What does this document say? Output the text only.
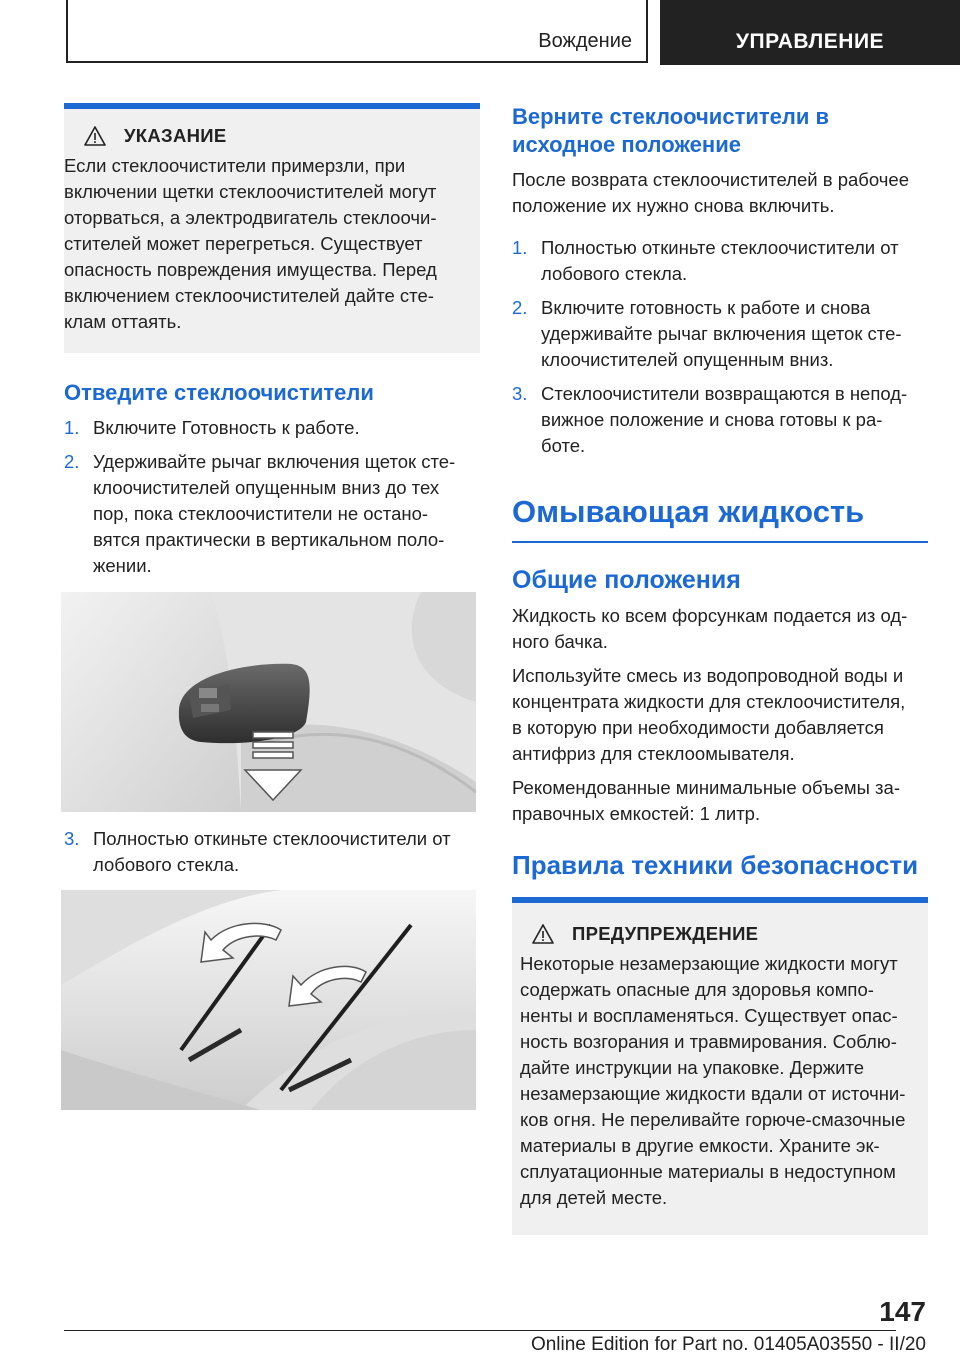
Вождение	УПРАВЛЕНИЕ
УКАЗАНИЕ

Если стеклоочистители примерзли, при
включении щетки стеклоочистителей могут
оторваться, а электродвигатель стеклоочи-
стителей может перегреться. Существует
опасность повреждения имущества. Перед
включением стеклоочистителей дайте сте-
клам оттаять.

Отведите стеклоочистители
1. Включите Готовность к работе.
2. Удерживайте рычаг включения щеток сте-
клоочистителей опущенным вниз до тех
пор, пока стеклоочистители не остано-
вятся практически в вертикальном поло-
жении.
3. Полностью откиньте стеклоочистители от
лобового стекла.
Верните стеклоочистители в
исходное положение

После возврата стеклоочистителей в рабочее
положение их нужно снова включить.

1. Полностью откиньте стеклоочистители от
лобового стекла.
2. Включите готовность к работе и снова
удерживайте рычаг включения щеток сте-
клоочистителей опущенным вниз.
3. Стеклоочистители возвращаются в непод-
вижное положение и снова готовы к ра-
боте.
Омывающая жидкость
Общие положения

Жидкость ко всем форсункам подается из од-
ного бачка.

Используйте смесь из водопроводной воды и
концентрата жидкости для стеклоочистителя,
в которую при необходимости добавляется
антифриз для стеклоомывателя.

Рекомендованные минимальные объемы за-
правочных емкостей: 1 литр.

Правила техники безопасности
ПРЕДУПРЕЖДЕНИЕ

Некоторые незамерзающие жидкости могут
содержать опасные для здоровья компо-
ненты и воспламеняться. Существует опас-
ность возгорания и травмирования. Соблю-
дайте инструкции на упаковке. Держите
незамерзающие жидкости вдали от источни-
ков огня. Не переливайте горюче-смазочные
материалы в другие емкости. Храните эк-
сплуатационные материалы в недоступном
для детей месте.

147
Online Edition for Part no. 01405A03550 - II/20
